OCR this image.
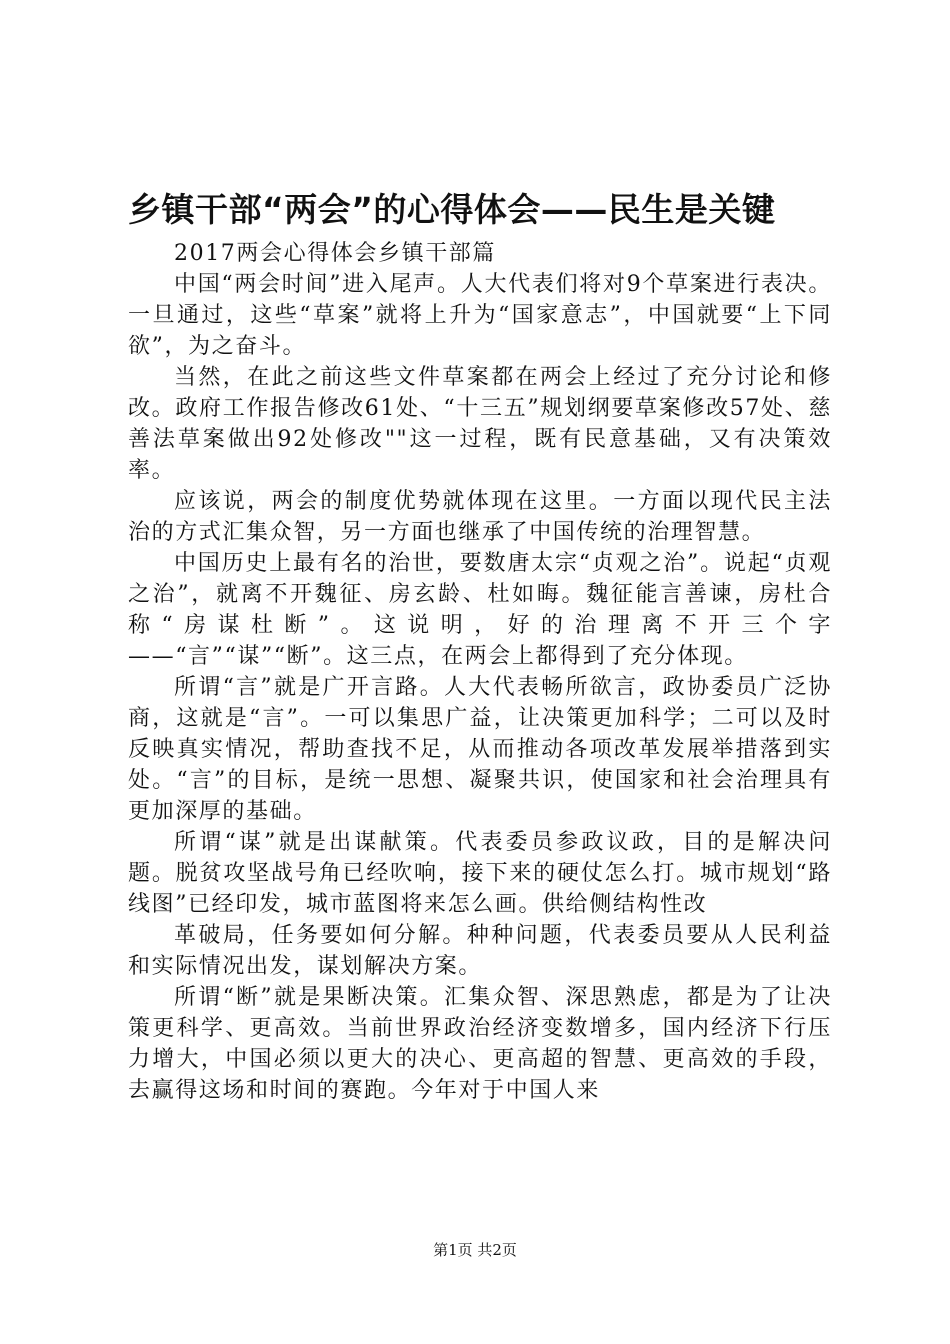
乡镇干部“两会”的心得体会——民生是关键

2017两会心得体会乡镇干部篇

中国“两会时间”进入尾声。人大代表们将对9个草案进行表决。一旦通过，这些“草案”就将上升为“国家意志”，中国就要“上下同欲”，为之奋斗。

当然，在此之前这些文件草案都在两会上经过了充分讨论和修改。政府工作报告修改61处、“十三五”规划纲要草案修改57处、慈善法草案做出92处修改""这一过程，既有民意基础，又有决策效率。

应该说，两会的制度优势就体现在这里。一方面以现代民主法治的方式汇集众智，另一方面也继承了中国传统的治理智慧。

中国历史上最有名的治世，要数唐太宗“贞观之治”。说起“贞观之治”，就离不开魏征、房玄龄、杜如晦。魏征能言善谏，房杜合称“房谋杜断”。这说明，好的治理离不开三个字——“言”“谋”“断”。这三点，在两会上都得到了充分体现。

所谓“言”就是广开言路。人大代表畅所欲言，政协委员广泛协商，这就是“言”。一可以集思广益，让决策更加科学；二可以及时反映真实情况，帮助查找不足，从而推动各项改革发展举措落到实处。“言”的目标，是统一思想、凝聚共识，使国家和社会治理具有更加深厚的基础。

所谓“谋”就是出谋献策。代表委员参政议政，目的是解决问题。脱贫攻坚战号角已经吹响，接下来的硬仗怎么打。城市规划“路线图”已经印发，城市蓝图将来怎么画。供给侧结构性改

革破局，任务要如何分解。种种问题，代表委员要从人民利益和实际情况出发，谋划解决方案。

所谓“断”就是果断决策。汇集众智、深思熟虑，都是为了让决策更科学、更高效。当前世界政治经济变数增多，国内经济下行压力增大，中国必须以更大的决心、更高超的智慧、更高效的手段，去赢得这场和时间的赛跑。今年对于中国人来

第1页 共2页
